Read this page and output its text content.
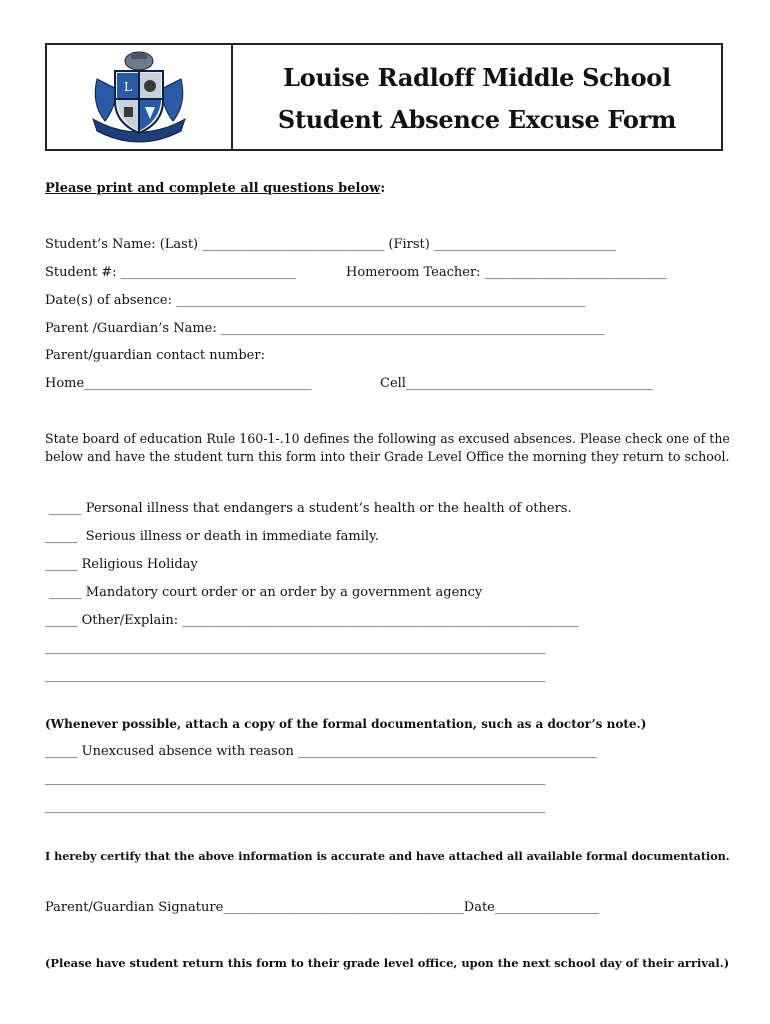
L	Louise Radloff Middle School
Student Absence Excuse Form
Please print and complete all questions below:
Student’s Name: (Last) ____________________________ (First) ____________________________
Student #: ___________________________	Homeroom Teacher: ____________________________
Date(s) of absence: _______________________________________________________________
Parent /Guardian’s Name: ___________________________________________________________
Parent/guardian contact number:
Home___________________________________	Cell______________________________________
State board of education Rule 160-1-.10 defines the following as excused absences. Please check one of the
below and have the student turn this form into their Grade Level Office the morning they return to school.
_____ Personal illness that endangers a student’s health or the health of others.
_____  Serious illness or death in immediate family.
_____ Religious Holiday
_____ Mandatory court order or an order by a government agency
_____ Other/Explain: _____________________________________________________________
_____________________________________________________________________________
_____________________________________________________________________________
(Whenever possible, attach a copy of the formal documentation, such as a doctor’s note.)
_____ Unexcused absence with reason ______________________________________________
_____________________________________________________________________________
_____________________________________________________________________________
I hereby certify that the above information is accurate and have attached all available formal documentation.
Parent/Guardian Signature_____________________________________Date________________
(Please have student return this form to their grade level office, upon the next school day of their arrival.)
